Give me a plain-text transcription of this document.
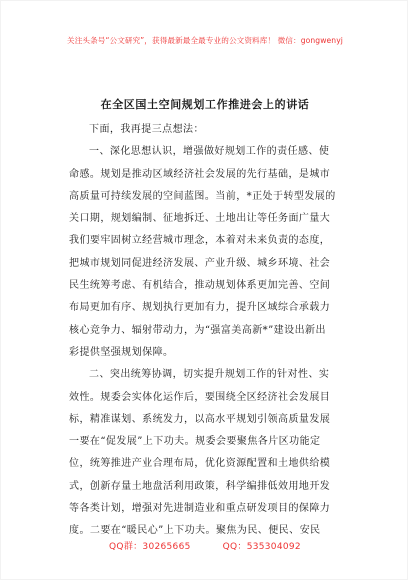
关注头条号“公文研究”，获得最新最全最专业的公文资料库！ 微信：gongwenyj
在全区国土空间规划工作推进会上的讲话
下面，我再提三点想法：
一、深化思想认识，增强做好规划工作的责任感、使
命感。规划是推动区域经济社会发展的先行基础，是城市
高质量可持续发展的空间蓝图。当前，*正处于转型发展的
关口期，规划编制、征地拆迁、土地出让等任务面广量大
我们要牢固树立经营城市理念，本着对未来负责的态度，
把城市规划同促进经济发展、产业升级、城乡环境、社会
民生统筹考虑、有机结合，推动规划体系更加完善、空间
布局更加有序、规划执行更加有力，提升区域综合承载力
核心竞争力、辐射带动力，为“强富美高新*”建设出新出
彩提供坚强规划保障。
二、突出统筹协调，切实提升规划工作的针对性、实
效性。规委会实体化运作后，要围绕全区经济社会发展目
标，精准谋划、系统发力，以高水平规划引领高质量发展
一要在“促发展”上下功夫。规委会要聚焦各片区功能定
位，统筹推进产业合理布局，优化资源配置和土地供给模
式，创新存量土地盘活利用政策，科学编排低效用地开发
等各类计划，增强对先进制造业和重点研发项目的保障力
度。二要在“暖民心”上下功夫。聚焦为民、便民、安民
QQ群：30265665	QQ：535304092
